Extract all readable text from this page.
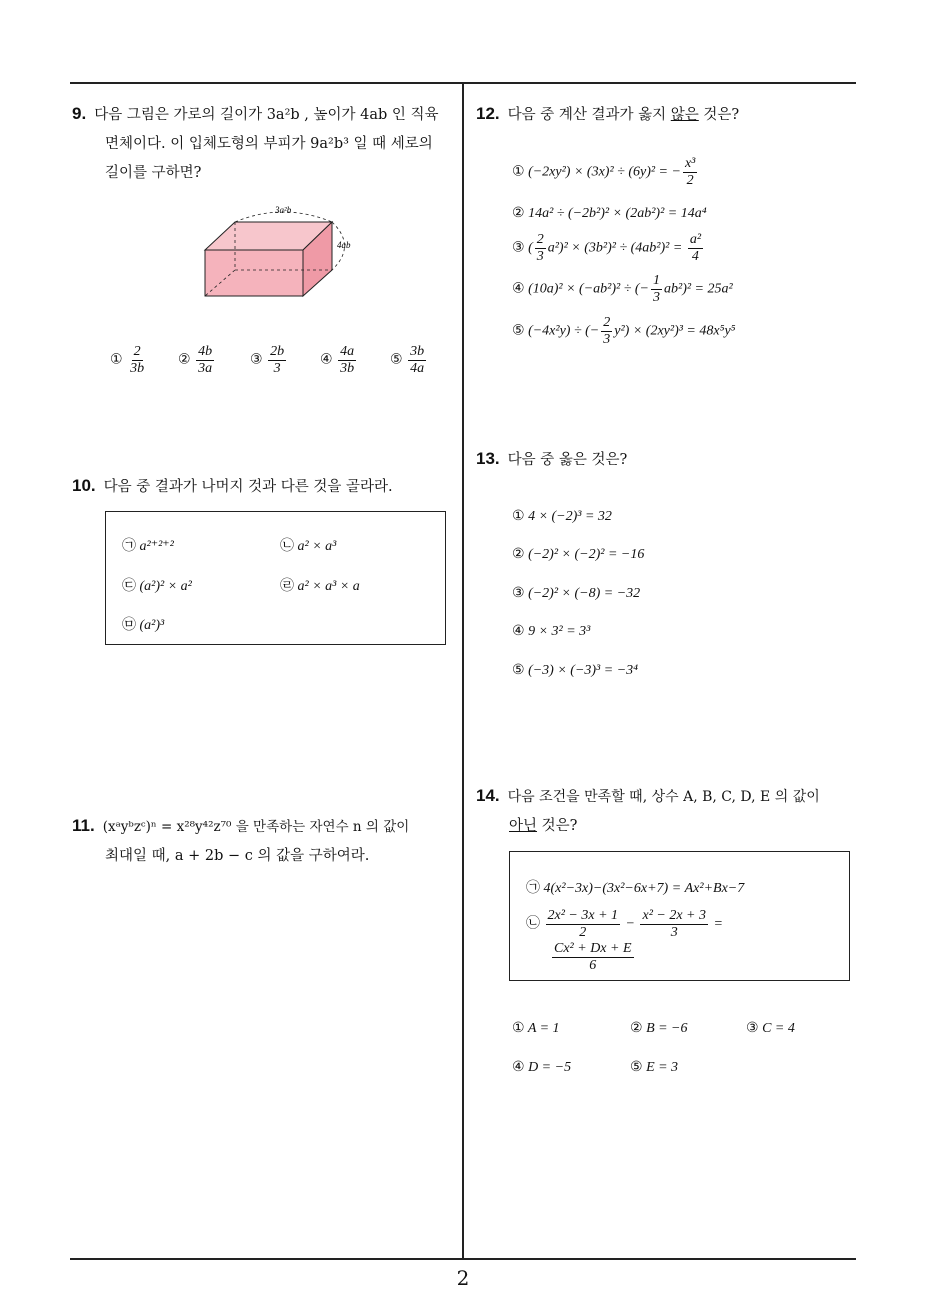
9. 다음 그림은 가로의 길이가 3a²b , 높이가 4ab 인 직육
면체이다. 이 입체도형의 부피가 9a²b³ 일 때 세로의
길이를 구하면?
3a²b
4ab
① $\frac{2}{3b}$ ② $\frac{4b}{3a}$	③ $\frac{2b}{3}$ ④ $\frac{4a}{3b}$ ⑤ $\frac{3b}{4a}$
10. 다음 중 결과가 나머지 것과 다른 것을 골라라.
㉠ a²⁺²⁺²	㉡ a² × a³
㉢ (a²)² × a²	㉣ a² × a³ × a
㉤ (a²)³
11. (xᵃyᵇzᶜ)ⁿ = x²⁸y⁴²z⁷⁰ 을 만족하는 자연수 n 의 값이
최대일 때, a + 2b − c 의 값을 구하여라.
12. 다음 중 계산 결과가 옳지 않은 것은?
① (−2xy²) × (3x)² ÷ (6y)² = − $\frac{\text{x³}}{2}$
② 14a² ÷ (−2b²)² × (2ab²)² = 14a⁴
③ ( $\frac{2}{3} a^2)^2 \times (3b^2)^2 \div (4ab^2)^2 = \frac{\text{a²}}{4}$
④ (10a)² × (−ab²)² ÷ (− $\frac{1}{3} ab^2)^2 = 25a^2$
⑤ (−4x²y) ÷ (− $\frac{2}{3} y^2) \times (2xy^2)^3 = 48x^5y^5$
13. 다음 중 옳은 것은?
① 4 × (−2)³ = 32
② (−2)² × (−2)² = −16
③ (−2)² × (−8) = −32
④ 9 × 3² = 3³
⑤ (−3) × (−3)³ = −3⁴
14. 다음 조건을 만족할 때, 상수 A, B, C, D, E 의 값이
아닌 것은?
㉠ 4(x²−3x)−(3x²−6x+7) = Ax²+Bx−7
㉡ $\frac{\text{2x² − 3x + 1}}{2} - \frac{\text{x² − 2x + 3}}{3}$ =
$\frac{\text{Cx² + Dx + E}}{6}$
① A = 1	② B = −6	③ C = 4
④ D = −5	⑤ E = 3
2
